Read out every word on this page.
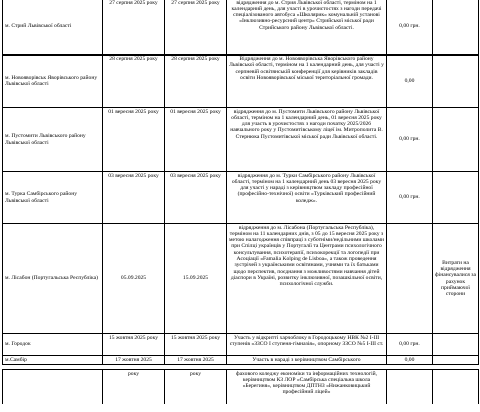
м. Стрий Львівської області	27 серпня 2025 року	27 серпня 2025 року	відрядження до м. Стрия Львівської області, терміном на 1 календарний день, для участі в урочистостях з нагоди передачі спеціалізованого автобуса «Школярик» комунальній установі «Інклюзивно-ресурсний центр» Стрийської міської ради Стрийського району Львівської області.	0,00 грн.	
м. Новояворівськ Яворівського району Львівської області	28 серпня 2025 року	28 серпня 2025 року	Відрядження до м. Новояворівська Яворівського району Львівської області, терміном на 1 календарний день, для участі у серпневій освітянській конференції для керівників закладів освіти Новояворівської міської територіальної громади.	0,00	
м. Пустомити Львівського району Львівської області	01 вересня 2025 року	01 вересня 2025 року	відрядження до м. Пустомити Львівського району Львівської області, терміном на 1 календарний день, 01 вересня 2025 року для участь в урочистостях з нагоди початку 2025/2026 навчального року у Пустомитівському ліцеї ім. Митрополита В. Стернюка Пустомитівської міської ради Львівської області.	0,00 грн.	
м. Турка Самбірського району Львівської області	03 вересня 2025 року	03 вересня 2025 року	відрядження до м. Турки Самбірського району Львівської області, терміном на 1 календарний день 03 вересня 2025 року для участі у нараді з керівництвом закладу професійної (професійно-технічної) освіти «Турківський професійний коледж».	0,00 грн.	
м. Лісабон (Португальська Республіка)	05.09.2025	15.09.2025	відрядження до м. Лісабона (Португальська Республіка), терміном на 11 календарних днів, з 05 до 15 вересня 2025 року з метою налагодження співпраці з суботніми/недільними школами при Спілці українців у Португалії та Центрами психологічного консультування, психотерапії, психокорекції та логопедії при Асоціації «Famalia Kolping de Lisboa», а також проведення зустрічей з українськими освітянами, учнями та їх батьками щодо перспектив, поєднання з можливостями навчання дітей діаспори в Україні, розвитку інклюзивної, позашкільної освіти, психологічної служби.		Витрати на відрядження фінансувалися за рахунок приймаючої сторони
м. Городок	15 жовтня 2025 року	15 жовтня 2025 року	Участь у відкритті харчоблоку в Городоцькому НВК №2 І-ІІІ ступенів «ЗЗСО І ступеня-гімназія», опорному ЗЗСО №5 І-ІІІ ст.	0,00 грн.	
м.Самбір	17 жовтня 2025	17 жовтня 2025	Участь в нараді з керівництвом Самбірського	0,00	

	року	року	фахового коледжу економіки та інформаційних технологій, керівництвом КЗ ЛОР «Самбірська спеціальна школа «Берегиня», керівництвом ДПТНЗ «Нижанковицький професійний ліцей»		
